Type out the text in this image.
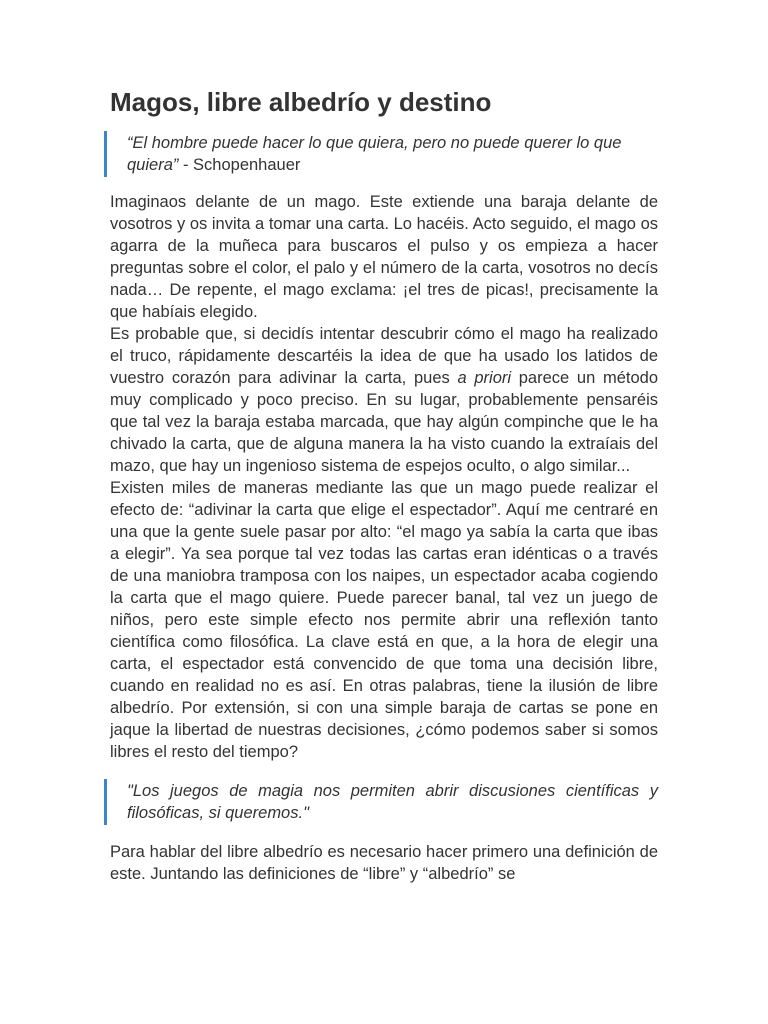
Magos, libre albedrío y destino
“El hombre puede hacer lo que quiera, pero no puede querer lo que quiera” - Schopenhauer

Imaginaos delante de un mago. Este extiende una baraja delante de vosotros y os invita a tomar una carta. Lo hacéis. Acto seguido, el mago os agarra de la muñeca para buscaros el pulso y os empieza a hacer preguntas sobre el color, el palo y el número de la carta, vosotros no decís nada… De repente, el mago exclama: ¡el tres de picas!, precisamente la que habíais elegido.

Es probable que, si decidís intentar descubrir cómo el mago ha realizado el truco, rápidamente descartéis la idea de que ha usado los latidos de vuestro corazón para adivinar la carta, pues a priori parece un método muy complicado y poco preciso. En su lugar, probablemente pensaréis que tal vez la baraja estaba marcada, que hay algún compinche que le ha chivado la carta, que de alguna manera la ha visto cuando la extraíais del mazo, que hay un ingenioso sistema de espejos oculto, o algo similar...

Existen miles de maneras mediante las que un mago puede realizar el efecto de: “adivinar la carta que elige el espectador”. Aquí me centraré en una que la gente suele pasar por alto: “el mago ya sabía la carta que ibas a elegir”. Ya sea porque tal vez todas las cartas eran idénticas o a través de una maniobra tramposa con los naipes, un espectador acaba cogiendo la carta que el mago quiere. Puede parecer banal, tal vez un juego de niños, pero este simple efecto nos permite abrir una reflexión tanto científica como filosófica. La clave está en que, a la hora de elegir una carta, el espectador está convencido de que toma una decisión libre, cuando en realidad no es así. En otras palabras, tiene la ilusión de libre albedrío. Por extensión, si con una simple baraja de cartas se pone en jaque la libertad de nuestras decisiones, ¿cómo podemos saber si somos libres el resto del tiempo?

"Los juegos de magia nos permiten abrir discusiones científicas y filosóficas, si queremos."

Para hablar del libre albedrío es necesario hacer primero una definición de este. Juntando las definiciones de “libre” y “albedrío” se
